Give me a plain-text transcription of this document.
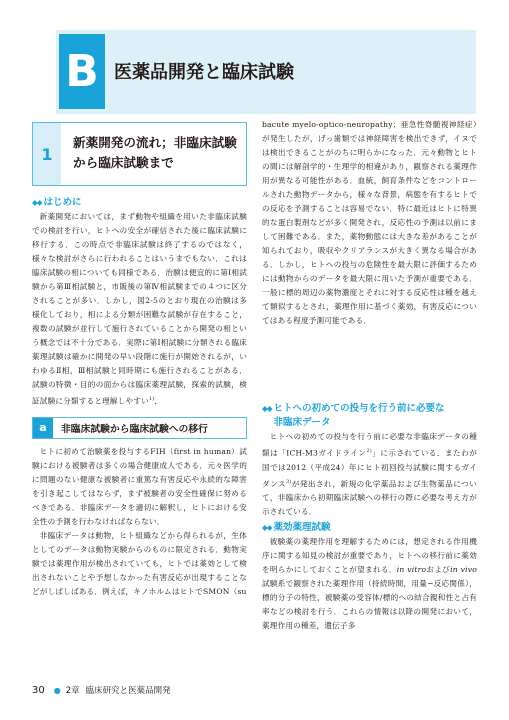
B 医薬品開発と臨床試験
1
新薬開発の流れ；非臨床試験から臨床試験まで
◆◆ はじめに

新薬開発においては，まず動物や組織を用いた非臨床試験での検討を行い，ヒトへの安全が確信された後に臨床試験に移行する．この時点で非臨床試験は終了するのではなく，様々な検討がさらに行われることはいうまでもない．これは臨床試験の相についても同様である．治験は便宜的に第Ⅰ相試験から第Ⅲ相試験と，市販後の第Ⅳ相試験までの４つに区分されることが多い．しかし，図2-5のとおり現在の治験は多様化しており，相による分類が困難な試験が存在すること，複数の試験が並行して施行されていることから開発の相という概念では不十分である．実際に第Ⅰ相試験に分類される臨床薬理試験は確かに開発の早い段階に施行が開始されるが，いわゆるⅡ相，Ⅲ相試験と同時期にも施行されることがある．試験の特徴・目的の面からは臨床薬理試験，探索的試験，検証試験に分類すると理解しやすい$^{1)}$．

a	非臨床試験から臨床試験への移行

ヒトに初めて治験薬を投与するFIH（first in human）試験における被験者は多くの場合健康成人である．元々医学的に問題のない健康な被験者に重篤な有害反応や永続的な障害を引き起こしてはならず，まず被験者の安全性確保に努めるべきである．非臨床データを適切に解釈し，ヒトにおける安全性の予測を行わなければならない．

非臨床データは動物，ヒト組織などから得られるが，生体としてのデータは動物実験からのものに限定される．動物実験では薬理作用が検出されていても，ヒトでは薬効として検出されないことや予想しなかった有害反応が出現することなどがしばしばある．例えば，キノホルムはヒトでSMON（su

bacute myelo-optico-neuropathy；亜急性脊髄視神経症）が発生したが，げっ歯類では神経障害を検出できず，イヌでは検出できることがのちに明らかになった．元々動物とヒトの間には解剖学的・生理学的相違があり，観察される薬理作用が異なる可能性がある．血統，飼育条件などをコントロールされた動物データから，様々な背景，病態を有するヒトでの反応を予測することは容易でない．特に最近はヒトに特異的な蛋白製剤などが多く開発され，反応性の予測は以前にまして困難である．また，薬物動態には大きな差があることが知られており，吸収やクリアランスが大きく異なる場合がある．しかし，ヒトへの投与の危険性を最大限に評価するためには動物からのデータを最大限に用いた予測が重要である．一般に標的周辺の薬物濃度とそれに対する反応性は種を越えて類似するとされ，薬理作用に基づく薬効，有害反応についてはある程度予測可能である．

◆◆ ヒトへの初めての投与を行う前に必要な
非臨床データ

ヒトへの初めての投与を行う前に必要な非臨床データの種類は「ICH-M3ガイドライン$^{2)}$」に示されている．またわが国では2012（平成24）年にヒト初回投与試験に関するガイダンス$^{3)}$が発出され，新規の化学薬品および生物薬品について，非臨床から初期臨床試験への移行の際に必要な考え方が示されている．

◆◆ 薬効薬理試験

被験薬の薬理作用を理解するためには，想定される作用機序に関する知見の検討が重要であり，ヒトへの移行前に薬効を明らかにしておくことが望まれる．in vitroおよびin vivo試験系で観察された薬理作用（持続時間，用量−反応関係），標的分子の特性，被験薬の受容体/標的への結合親和性と占有率などの検討を行う．これらの情報は以降の開発において，薬理作用の種差，遺伝子多

30 ● 2章 臨床研究と医薬品開発
